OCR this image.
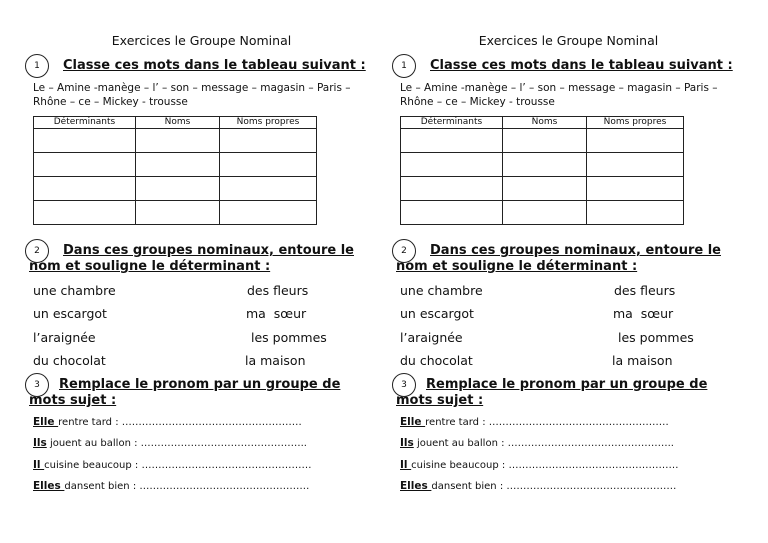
Exercices le Groupe Nominal
1	Classe ces mots dans le tableau suivant :
Le – Amine -manège – l’ – son – message – magasin – Paris – Rhône – ce – Mickey - trousse
Déterminants	Noms	Noms propres

2	Dans ces groupes nominaux, entoure le nom et souligne le déterminant :
une chambre	des fleurs
un escargot	ma  sœur
l’araignée	les pommes
du chocolat	la maison
3	Remplace le pronom par un groupe de mots sujet :
Elle rentre tard : ………………………………………………
Ils jouent au ballon : …………………………………………..
Il cuisine beaucoup : ……………………………………………
Elles dansent bien : ……………………………………………
Exercices le Groupe Nominal
1	Classe ces mots dans le tableau suivant :
Le – Amine -manège – l’ – son – message – magasin – Paris – Rhône – ce – Mickey - trousse
Déterminants	Noms	Noms propres

2	Dans ces groupes nominaux, entoure le nom et souligne le déterminant :
une chambre	des fleurs
un escargot	ma  sœur
l’araignée	les pommes
du chocolat	la maison
3	Remplace le pronom par un groupe de mots sujet :
Elle rentre tard : ………………………………………………
Ils jouent au ballon : …………………………………………..
Il cuisine beaucoup : ……………………………………………
Elles dansent bien : ……………………………………………
